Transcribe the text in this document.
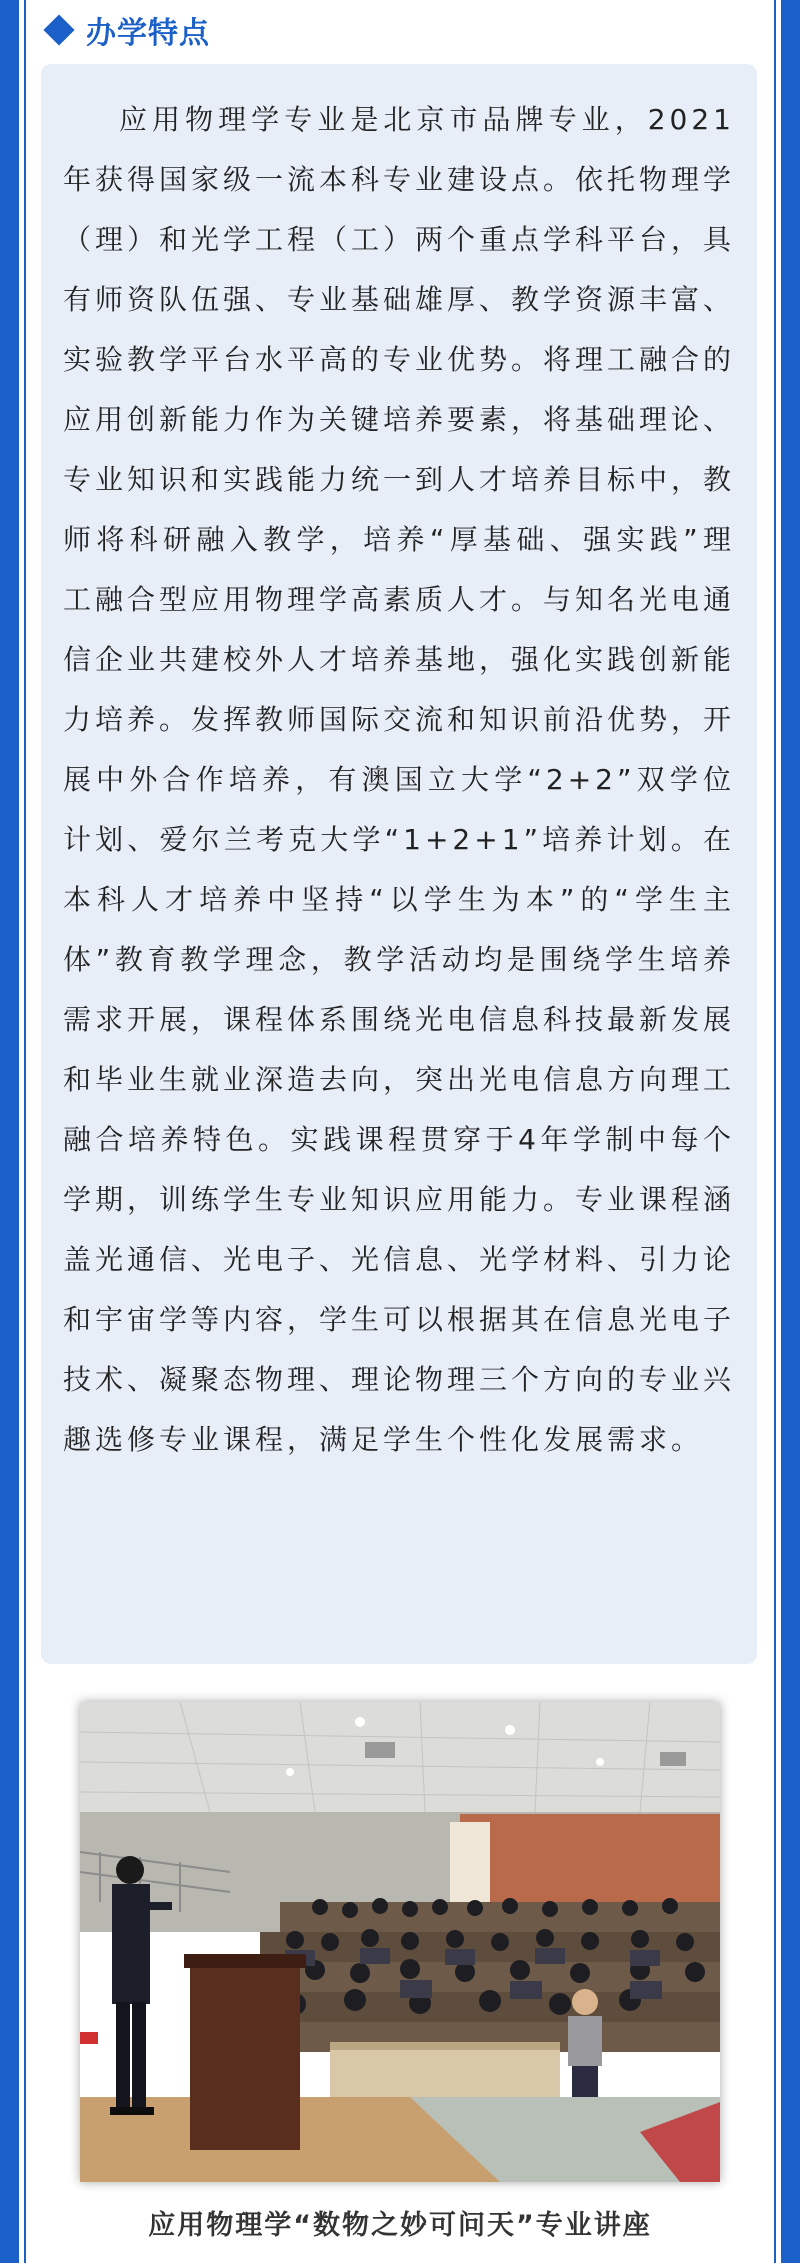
办学特点

应用物理学专业是北京市品牌专业，2021年获得国家级一流本科专业建设点。依托物理学（理）和光学工程（工）两个重点学科平台，具有师资队伍强、专业基础雄厚、教学资源丰富、实验教学平台水平高的专业优势。将理工融合的应用创新能力作为关键培养要素，将基础理论、专业知识和实践能力统一到人才培养目标中，教师将科研融入教学，培养“厚基础、强实践”理工融合型应用物理学高素质人才。与知名光电通信企业共建校外人才培养基地，强化实践创新能力培养。发挥教师国际交流和知识前沿优势，开展中外合作培养，有澳国立大学“2+2”双学位计划、爱尔兰考克大学“1+2+1”培养计划。在本科人才培养中坚持“以学生为本”的“学生主体”教育教学理念，教学活动均是围绕学生培养需求开展，课程体系围绕光电信息科技最新发展和毕业生就业深造去向，突出光电信息方向理工融合培养特色。实践课程贯穿于4年学制中每个学期，训练学生专业知识应用能力。专业课程涵盖光通信、光电子、光信息、光学材料、引力论和宇宙学等内容，学生可以根据其在信息光电子技术、凝聚态物理、理论物理三个方向的专业兴趣选修专业课程，满足学生个性化发展需求。

应用物理学“数物之妙可问天”专业讲座
